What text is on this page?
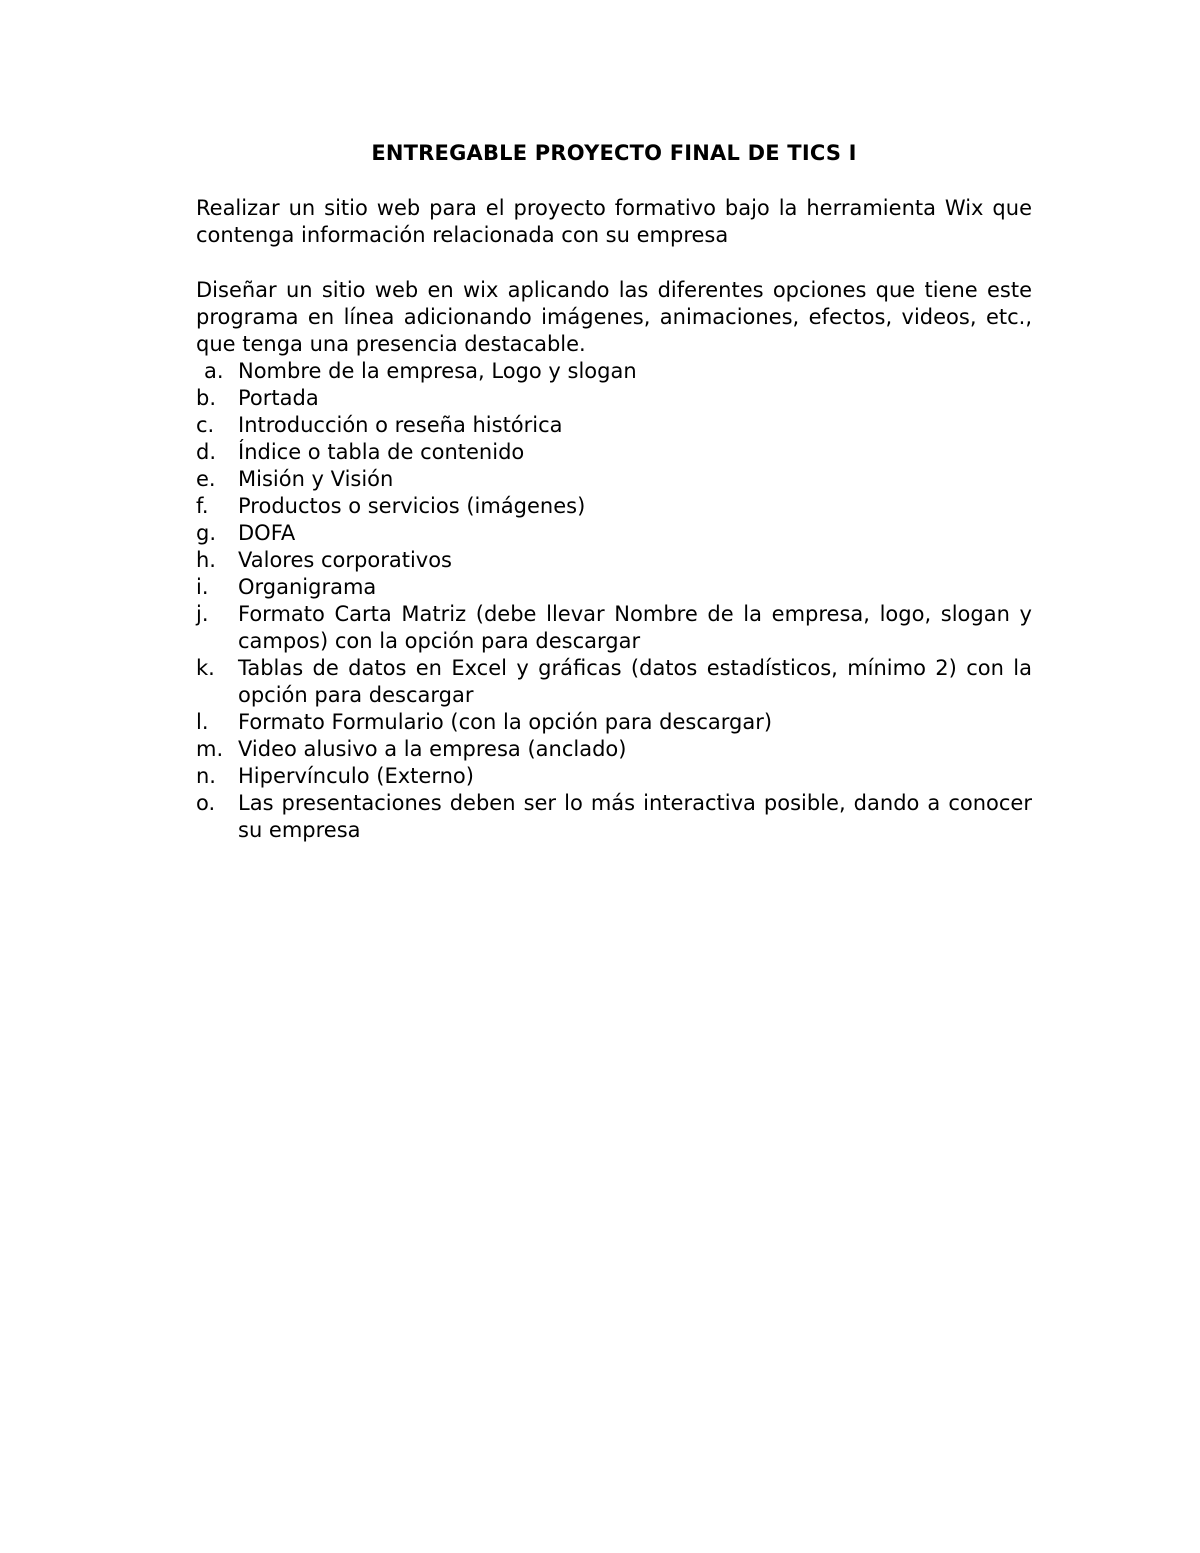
ENTREGABLE PROYECTO FINAL DE TICS I

Realizar un sitio web para el proyecto formativo bajo la herramienta Wix que contenga información relacionada con su empresa

Diseñar un sitio web en wix aplicando las diferentes opciones que tiene este programa en línea adicionando imágenes, animaciones, efectos, videos, etc., que tenga una presencia destacable.

a. Nombre de la empresa, Logo y slogan
b.	Portada
c.	Introducción o reseña histórica
d.	Índice o tabla de contenido
e.	Misión y Visión
f.	Productos o servicios (imágenes)
g.	DOFA
h.	Valores corporativos
i.	Organigrama
j.	Formato Carta Matriz (debe llevar Nombre de la empresa, logo, slogan y campos) con la opción para descargar
k.	Tablas de datos en Excel y gráficas (datos estadísticos, mínimo 2) con la opción para descargar
l.	Formato Formulario (con la opción para descargar)
m. Video alusivo a la empresa (anclado)
n.	Hipervínculo (Externo)
o.	Las presentaciones deben ser lo más interactiva posible, dando a conocer su empresa
